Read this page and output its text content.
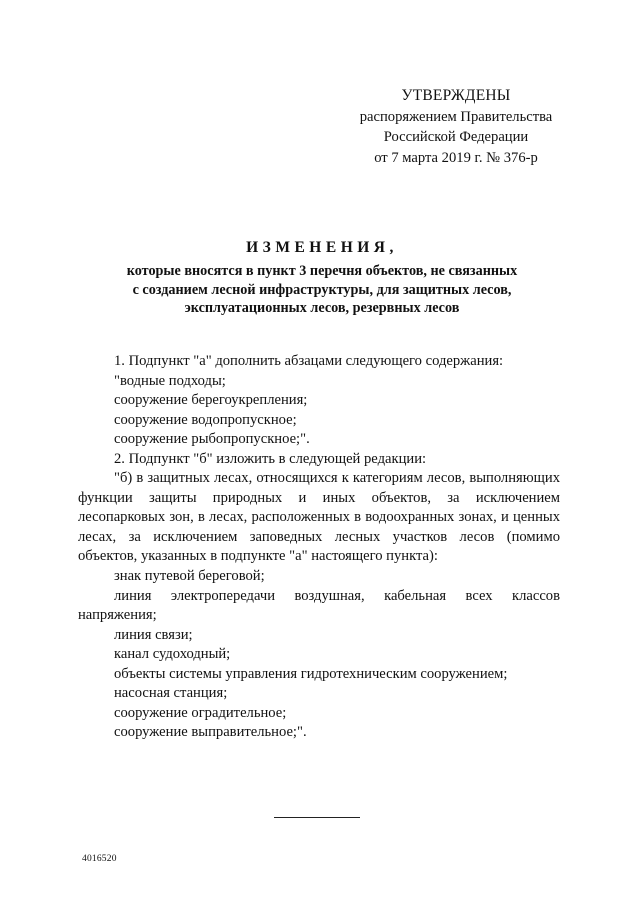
УТВЕРЖДЕНЫ
распоряжением Правительства
Российской Федерации
от 7 марта 2019 г. № 376-р
ИЗМЕНЕНИЯ,
которые вносятся в пункт 3 перечня объектов, не связанных
с созданием лесной инфраструктуры, для защитных лесов,
эксплуатационных лесов, резервных лесов

1. Подпункт "а" дополнить абзацами следующего содержания:

"водные подходы;

сооружение берегоукрепления;

сооружение водопропускное;

сооружение рыбопропускное;".

2. Подпункт "б" изложить в следующей редакции:

"б) в защитных лесах, относящихся к категориям лесов, выполняющих функции защиты природных и иных объектов, за исключением лесопарковых зон, в лесах, расположенных в водоохранных зонах, и ценных лесах, за исключением заповедных лесных участков лесов (помимо объектов, указанных в подпункте "а" настоящего пункта):

знак путевой береговой;

линия электропередачи воздушная, кабельная всех классов напряжения;

линия связи;

канал судоходный;

объекты системы управления гидротехническим сооружением;

насосная станция;

сооружение оградительное;

сооружение выправительное;".

4016520
